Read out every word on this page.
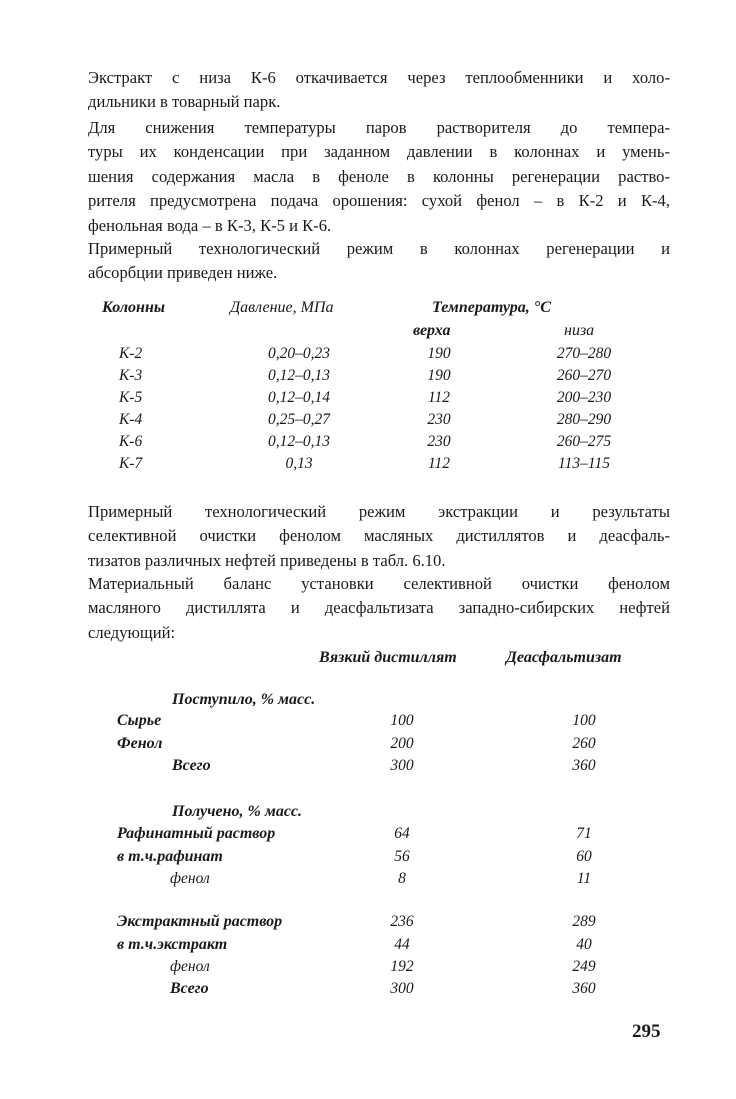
Экстракт с низа К-6 откачивается через теплообменники и холо-
дильники в товарный парк.
Для снижения температуры паров растворителя до темпера-
туры их конденсации при заданном давлении в колоннах и умень-
шения содержания масла в феноле в колонны регенерации раство-
рителя предусмотрена подача орошения: сухой фенол – в К-2 и К-4,
фенольная вода – в К-3, К-5 и К-6.
Примерный технологический режим в колоннах регенерации и
абсорбции приведен ниже.
Колонны	Давление, МПа	Температура, °С
верха	низа
К-2	0,20–0,23	190	270–280
К-3	0,12–0,13	190	260–270
К-5	0,12–0,14	112	200–230
К-4	0,25–0,27	230	280–290
К-6	0,12–0,13	230	260–275
К-7	0,13	112	113–115
Примерный технологический режим экстракции и результаты
селективной очистки фенолом масляных дистиллятов и деасфаль-
тизатов различных нефтей приведены в табл. 6.10.
Материальный баланс установки селективной очистки фенолом
масляного дистиллята и деасфальтизата западно-сибирских нефтей
следующий:
Вязкий дистиллят	Деасфальтизат
Поступило, % масс.
Сырье	100	100
Фенол	200	260
Всего	300	360
Получено, % масс.
Рафинатный раствор	64	71
в т.ч.рафинат	56	60
фенол	8	11
Экстрактный раствор	236	289
в т.ч.экстракт	44	40
фенол	192	249
Всего	300	360
295
